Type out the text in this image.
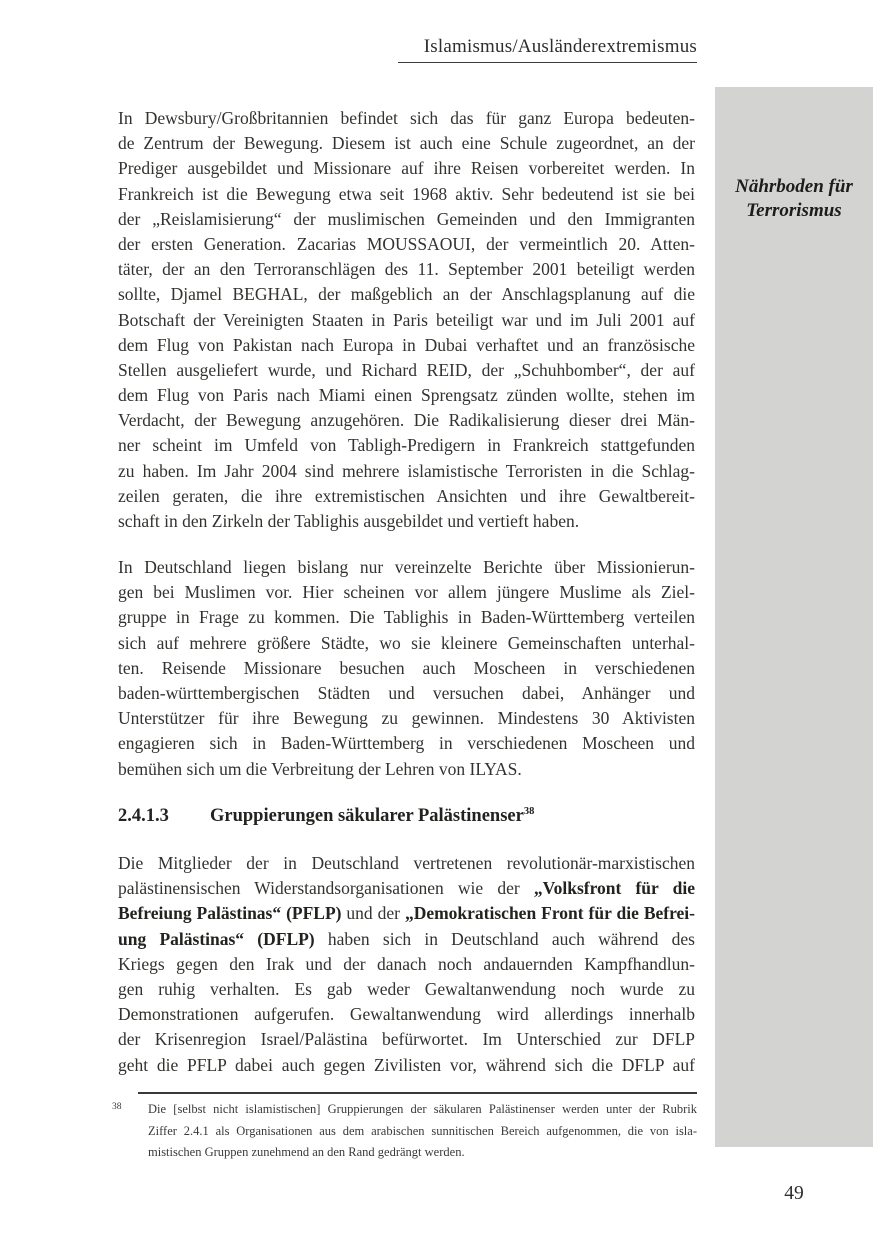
Islamismus/Ausländerextremismus
Nährboden für Terrorismus
In Dewsbury/Großbritannien befindet sich das für ganz Europa bedeuten-
de Zentrum der Bewegung. Diesem ist auch eine Schule zugeordnet, an der
Prediger ausgebildet und Missionare auf ihre Reisen vorbereitet werden. In
Frankreich ist die Bewegung etwa seit 1968 aktiv. Sehr bedeutend ist sie bei
der „Reislamisierung“ der muslimischen Gemeinden und den Immigranten
der ersten Generation. Zacarias MOUSSAOUI, der vermeintlich 20. Atten-
täter, der an den Terroranschlägen des 11. September 2001 beteiligt werden
sollte, Djamel BEGHAL, der maßgeblich an der Anschlagsplanung auf die
Botschaft der Vereinigten Staaten in Paris beteiligt war und im Juli 2001 auf
dem Flug von Pakistan nach Europa in Dubai verhaftet und an französische
Stellen ausgeliefert wurde, und Richard REID, der „Schuhbomber“, der auf
dem Flug von Paris nach Miami einen Sprengsatz zünden wollte, stehen im
Verdacht, der Bewegung anzugehören. Die Radikalisierung dieser drei Män-
ner scheint im Umfeld von Tabligh-Predigern in Frankreich stattgefunden
zu haben. Im Jahr 2004 sind mehrere islamistische Terroristen in die Schlag-
zeilen geraten, die ihre extremistischen Ansichten und ihre Gewaltbereit-
schaft in den Zirkeln der Tablighis ausgebildet und vertieft haben.
In Deutschland liegen bislang nur vereinzelte Berichte über Missionierun-
gen bei Muslimen vor. Hier scheinen vor allem jüngere Muslime als Ziel-
gruppe in Frage zu kommen. Die Tablighis in Baden-Württemberg verteilen
sich auf mehrere größere Städte, wo sie kleinere Gemeinschaften unterhal-
ten. Reisende Missionare besuchen auch Moscheen in verschiedenen
baden-württembergischen Städten und versuchen dabei, Anhänger und
Unterstützer für ihre Bewegung zu gewinnen. Mindestens 30 Aktivisten
engagieren sich in Baden-Württemberg in verschiedenen Moscheen und
bemühen sich um die Verbreitung der Lehren von ILYAS.
2.4.1.3 Gruppierungen säkularer Palästinenser$^{38}$
Die Mitglieder der in Deutschland vertretenen revolutionär-marxistischen
palästinensischen Widerstandsorganisationen wie der „Volksfront für die
Befreiung Palästinas“ (PFLP) und der „Demokratischen Front für die Befrei-
ung Palästinas“ (DFLP) haben sich in Deutschland auch während des
Kriegs gegen den Irak und der danach noch andauernden Kampfhandlun-
gen ruhig verhalten. Es gab weder Gewaltanwendung noch wurde zu
Demonstrationen aufgerufen. Gewaltanwendung wird allerdings innerhalb
der Krisenregion Israel/Palästina befürwortet. Im Unterschied zur DFLP
geht die PFLP dabei auch gegen Zivilisten vor, während sich die DFLP auf
38 Die [selbst nicht islamistischen] Gruppierungen der säkularen Palästinenser werden unter der Rubrik
Ziffer 2.4.1 als Organisationen aus dem arabischen sunnitischen Bereich aufgenommen, die von isla-
mistischen Gruppen zunehmend an den Rand gedrängt werden.
49
